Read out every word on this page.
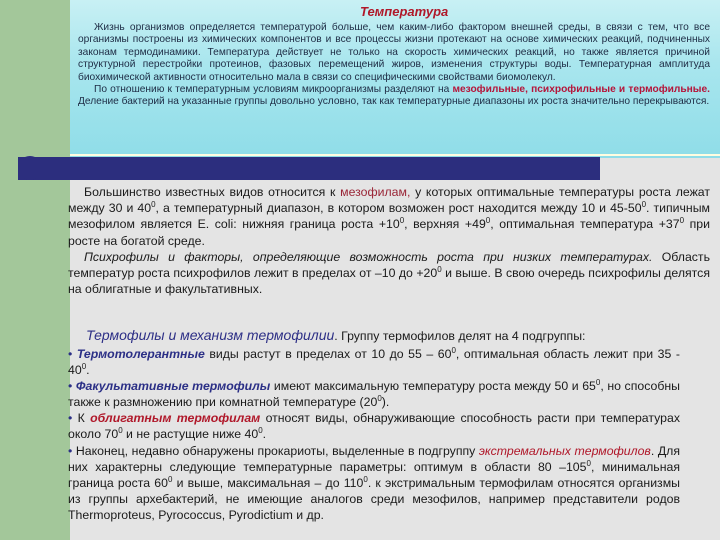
Температура

Жизнь организмов определяется температурой больше, чем каким-либо фактором внешней среды, в связи с тем, что все организмы построены из химических компонентов и все процессы жизни протекают на основе химических реакций, подчиненных законам термодинамики. Температура действует не только на скорость химических реакций, но также является причиной структурной перестройки протеинов, фазовых перемещений жиров, изменения структуры воды. Температурная амплитуда биохимической активности относительно мала в связи со специфическими свойствами биомолекул.
По отношению к температурным условиям микроорганизмы разделяют на мезофильные, психрофильные и термофильные. Деление бактерий на указанные группы довольно условно, так как температурные диапазоны их роста значительно перекрываются.

Большинство известных видов относится к мезофилам, у которых оптимальные температуры роста лежат между 30 и $40^0$, а температурный диапазон, в котором возможен рост находится между 10 и $45-50^0$. типичным мезофилом является E. coli: нижняя граница роста $+10^0$, верхняя $+49^0$, оптимальная температура $+37^0$ при росте на богатой среде.
Психрофилы и факторы, определяющие возможность роста при низких температурах. Область температур роста психрофилов лежит в пределах от –10 до $+20^0$ и выше. В свою очередь психрофилы делятся на облигатные и факультативных.

Термофилы и механизм термофилии. Группу термофилов делят на 4 подгруппы:

• Термотолерантные виды растут в пределах от 10 до $55 - 60^0$, оптимальная область лежит при $35 - 40^0$.
• Факультативные термофилы имеют максимальную температуру роста между 50 и $65^0$, но способны также к размножению при комнатной температуре $(20^0)$.
• К облигатным термофилам относят виды, обнаруживающие способность расти при температурах около $70^0$ и не растущие ниже $40^0$.
• Наконец, недавно обнаружены прокариоты, выделенные в подгруппу экстремальных термофилов. Для них характерны следующие температурные параметры: оптимум в области 80 $-105^0$, минимальная граница роста $60^0$ и выше, максимальная – до $110^0$. к экстримальным термофилам относятся организмы из группы архебактерий, не имеющие аналогов среди мезофилов, например представители родов Thermoproteus, Pyrococcus, Pyrodictium и др.
